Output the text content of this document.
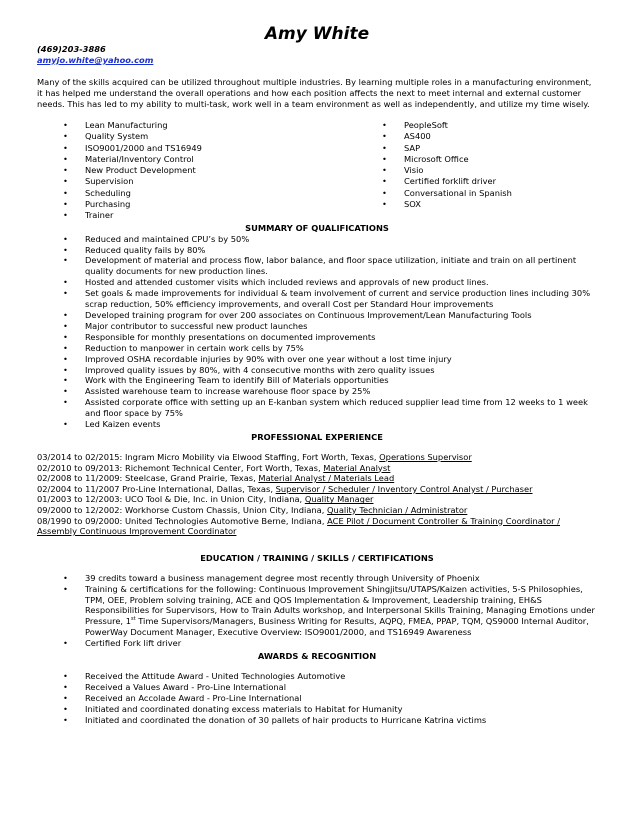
Amy White
(469)203-3886
amyjo.white@yahoo.com
Many of the skills acquired can be utilized throughout multiple industries. By learning multiple roles in a manufacturing environment, it has helped me understand the overall operations and how each position affects the next to meet internal and external customer needs. This has led to my ability to multi-task, work well in a team environment as well as independently, and utilize my time wisely.
• Lean Manufacturing
• Quality System
• ISO9001/2000 and TS16949
• Material/Inventory Control
• New Product Development
• Supervision
• Scheduling
• Purchasing
• Trainer
• PeopleSoft
• AS400
• SAP
• Microsoft Office
• Visio
• Certified forklift driver
• Conversational in Spanish
• SOX
SUMMARY OF QUALIFICATIONS
• Reduced and maintained CPU’s by 50%
• Reduced quality fails by 80%
• Development of material and process flow, labor balance, and floor space utilization, initiate and train on all pertinent quality documents for new production lines.
• Hosted and attended customer visits which included reviews and approvals of new product lines.
• Set goals & made improvements for individual & team involvement of current and service production lines including 30% scrap reduction, 50% efficiency improvements, and overall Cost per Standard Hour improvements
• Developed training program for over 200 associates on Continuous Improvement/Lean Manufacturing Tools
• Major contributor to successful new product launches
• Responsible for monthly presentations on documented improvements
• Reduction to manpower in certain work cells by 75%
• Improved OSHA recordable injuries by 90% with over one year without a lost time injury
• Improved quality issues by 80%, with 4 consecutive months with zero quality issues
• Work with the Engineering Team to identify Bill of Materials opportunities
• Assisted warehouse team to increase warehouse floor space by 25%
• Assisted corporate office with setting up an E-kanban system which reduced supplier lead time from 12 weeks to 1 week and floor space by 75%
• Led Kaizen events
PROFESSIONAL EXPERIENCE
03/2014 to 02/2015: Ingram Micro Mobility via Elwood Staffing, Fort Worth, Texas, Operations Supervisor
02/2010 to 09/2013: Richemont Technical Center, Fort Worth, Texas, Material Analyst
02/2008 to 11/2009: Steelcase, Grand Prairie, Texas, Material Analyst / Materials Lead
02/2004 to 11/2007 Pro-Line International, Dallas, Texas, Supervisor / Scheduler / Inventory Control Analyst / Purchaser
01/2003 to 12/2003: UCO Tool & Die, Inc. in Union City, Indiana, Quality Manager
09/2000 to 12/2002: Workhorse Custom Chassis, Union City, Indiana, Quality Technician / Administrator
08/1990 to 09/2000: United Technologies Automotive Berne, Indiana, ACE Pilot / Document Controller & Training Coordinator / Assembly Continuous Improvement Coordinator
EDUCATION / TRAINING / SKILLS / CERTIFICATIONS
• 39 credits toward a business management degree most recently through University of Phoenix
• Training & certifications for the following: Continuous Improvement Shingjitsu/UTAPS/Kaizen activities, 5-S Philosophies, TPM, OEE, Problem solving training, ACE and QOS Implementation & Improvement, Leadership training, EH&S Responsibilities for Supervisors, How to Train Adults workshop, and Interpersonal Skills Training, Managing Emotions under Pressure, 1st Time Supervisors/Managers, Business Writing for Results, AQPQ, FMEA, PPAP, TQM, QS9000 Internal Auditor, PowerWay Document Manager, Executive Overview: ISO9001/2000, and TS16949 Awareness
• Certified Fork lift driver
AWARDS & RECOGNITION
• Received the Attitude Award - United Technologies Automotive
• Received a Values Award - Pro-Line International
• Received an Accolade Award - Pro-Line International
• Initiated and coordinated donating excess materials to Habitat for Humanity
• Initiated and coordinated the donation of 30 pallets of hair products to Hurricane Katrina victims
